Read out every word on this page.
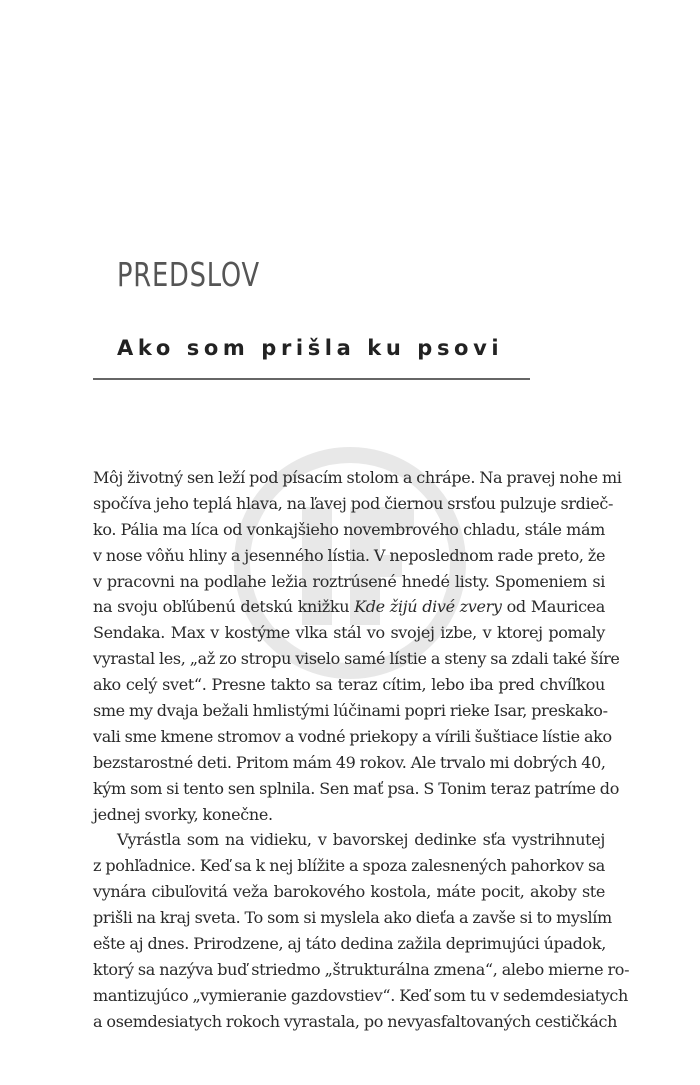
PREDSLOV
Ako som prišla ku psovi
Môj životný sen leží pod písacím stolom a chrápe. Na pravej nohe mi
spočíva jeho teplá hlava, na ľavej pod čiernou srsťou pulzuje srdieč-
ko. Pália ma líca od vonkajšieho novembrového chladu, stále mám
v nose vôňu hliny a jesenného lístia. V neposlednom rade preto, že
v pracovni na podlahe ležia roztrúsené hnedé listy. Spomeniem si
na svoju obľúbenú detskú knižku Kde žijú divé zvery od Mauricea
Sendaka. Max v kostýme vlka stál vo svojej izbe, v ktorej pomaly
vyrastal les, „až zo stropu viselo samé lístie a steny sa zdali také šíre
ako celý svet“. Presne takto sa teraz cítim, lebo iba pred chvíľkou
sme my dvaja bežali hmlistými lúčinami popri rieke Isar, preskako-
vali sme kmene stromov a vodné priekopy a vírili šuštiace lístie ako
bezstarostné deti. Pritom mám 49 rokov. Ale trvalo mi dobrých 40,
kým som si tento sen splnila. Sen mať psa. S Tonim teraz patríme do
jednej svorky, konečne.
Vyrástla som na vidieku, v bavorskej dedinke sťa vystrihnutej
z pohľadnice. Keď sa k nej blížite a spoza zalesnených pahorkov sa
vynára cibuľovitá veža barokového kostola, máte pocit, akoby ste
prišli na kraj sveta. To som si myslela ako dieťa a zavše si to myslím
ešte aj dnes. Prirodzene, aj táto dedina zažila deprimujúci úpadok,
ktorý sa nazýva buď striedmo „štrukturálna zmena“, alebo mierne ro-
mantizujúco „vymieranie gazdovstiev“. Keď som tu v sedemdesiatych
a osemdesiatych rokoch vyrastala, po nevyasfaltovaných cestičkách
